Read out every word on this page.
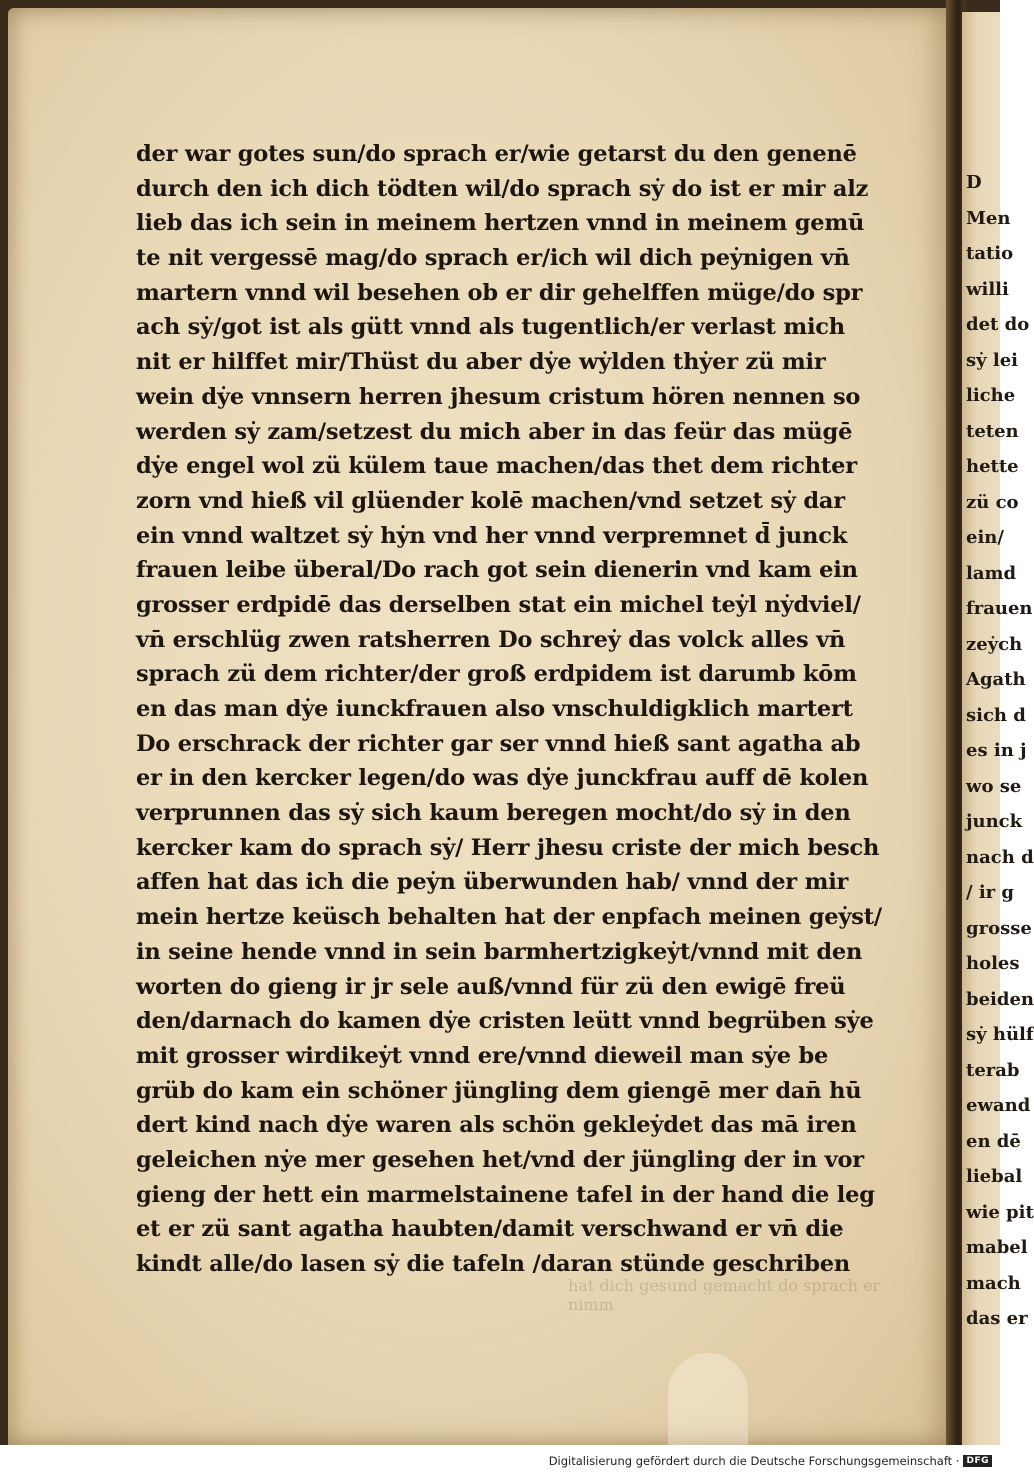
hat dich gesund gemacht do sprach er nimm
D
Men
tatio
willi
det do
sẏ lei
liche
teten
hette
zü co
ein/
lamd
frauen
zeẏch
Agath
sich d
es in j
wo se
junck
nach d
/ ir g
grosse
holes
beiden
sẏ hülf
terab
ewand
en dē
liebal
wie pit
mabel
mach
das er
der war gotes sun/do sprach er/wie getarst du den genenē
durch den ich dich tödten wil/do sprach sẏ do ist er mir alz
lieb das ich sein in meinem hertzen vnnd in meinem gemū
te nit vergessē mag/do sprach er/ich wil dich peẏnigen vn̄
martern vnnd wil besehen ob er dir gehelffen müge/do spr
ach sẏ/got ist als gütt vnnd als tugentlich/er verlast mich
nit er hilffet mir/Thüst du aber dẏe wẏlden thẏer zü mir
wein dẏe vnnsern herren jhesum cristum hören nennen so
werden sẏ zam/setzest du mich aber in das feür das mügē
dẏe engel wol zü külem taue machen/das thet dem richter
zorn vnd hieß vil glüender kolē machen/vnd setzet sẏ dar
ein vnnd waltzet sẏ hẏn vnd her vnnd verpremnet d̄ junck
frauen leibe überal/Do rach got sein dienerin vnd kam ein
grosser erdpidē das derselben stat ein michel teẏl nẏdviel/
vn̄ erschlüg zwen ratsherren Do schreẏ das volck alles vn̄
sprach zü dem richter/der groß erdpidem ist darumb kōm
en das man dẏe iunckfrauen also vnschuldigklich martert
Do erschrack der richter gar ser vnnd hieß sant agatha ab
er in den kercker legen/do was dẏe junckfrau auff dē kolen
verprunnen das sẏ sich kaum beregen mocht/do sẏ in den
kercker kam do sprach sẏ/ Herr jhesu criste der mich besch
affen hat das ich die peẏn überwunden hab/ vnnd der mir
mein hertze keüsch behalten hat der enpfach meinen geẏst/
in seine hende vnnd in sein barmhertzigkeẏt/vnnd mit den
worten do gieng ir jr sele auß/vnnd für zü den ewigē freü
den/darnach do kamen dẏe cristen leütt vnnd begrüben sẏe
mit grosser wirdikeẏt vnnd ere/vnnd dieweil man sẏe be
grüb do kam ein schöner jüngling dem giengē mer dan̄ hū
dert kind nach dẏe waren als schön gekleẏdet das mā iren
geleichen nẏe mer gesehen het/vnd der jüngling der in vor
gieng der hett ein marmelstainene tafel in der hand die leg
et er zü sant agatha haubten/damit verschwand er vn̄ die
kindt alle/do lasen sẏ die tafeln /daran stünde geschriben
Digitalisierung gefördert durch die Deutsche Forschungsgemeinschaft · DFG
